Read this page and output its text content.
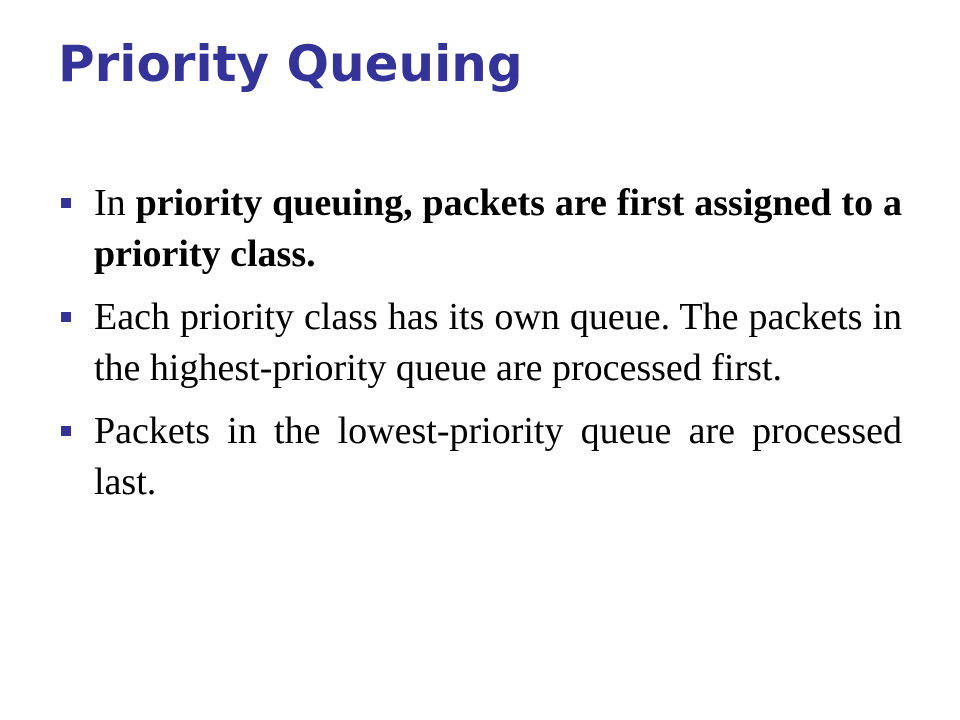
Priority Queuing
In priority queuing, packets are first assigned to a priority class.
Each priority class has its own queue. The packets in the highest-priority queue are processed first.
Packets in the lowest-priority queue are processed last.
